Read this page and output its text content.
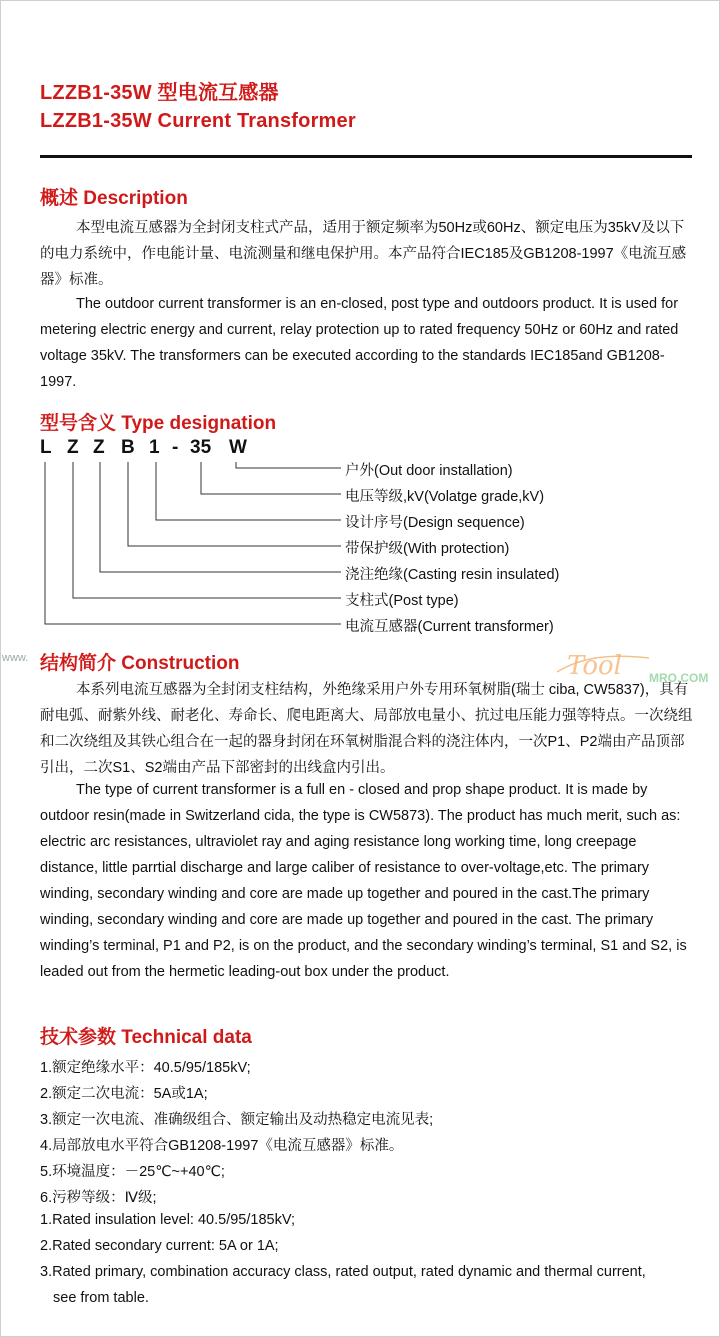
LZZB1-35W 型电流互感器
LZZB1-35W Current Transformer
概述 Description

本型电流互感器为全封闭支柱式产品，适用于额定频率为50Hz或60Hz、额定电压为35kV及以下的电力系统中，作电能计量、电流测量和继电保护用。本产品符合IEC185及GB1208-1997《电流互感器》标准。

The outdoor current transformer is an en-closed, post type and outdoors product. It is used for metering electric energy and current, relay protection up to rated frequency 50Hz or 60Hz and rated voltage 35kV. The transformers can be executed according to the standards IEC185and GB1208-1997.

型号含义 Type designation
L Z Z B 1 - 35 W
户外(Out door installation)
电压等级,kV(Volatge grade,kV)
设计序号(Design sequence)
带保护级(With protection)
浇注绝缘(Casting resin insulated)
支柱式(Post type)
电流互感器(Current transformer)
www.	Tool MRO.COM
结构简介 Construction

本系列电流互感器为全封闭支柱结构，外绝缘采用户外专用环氧树脂(瑞士 ciba, CW5837)，具有耐电弧、耐紫外线、耐老化、寿命长、爬电距离大、局部放电量小、抗过电压能力强等特点。一次绕组和二次绕组及其铁心组合在一起的器身封闭在环氧树脂混合料的浇注体内，一次P1、P2端由产品顶部引出，二次S1、S2端由产品下部密封的出线盒内引出。

The type of current transformer is a full en - closed and prop shape product. It is made by outdoor resin(made in Switzerland cida, the type is CW5873). The product has much merit, such as: electric arc resistances, ultraviolet ray and aging resistance long working time, long creepage distance, little parrtial discharge and large caliber of resistance to over-voltage,etc. The primary winding, secondary winding and core are made up together and poured in the cast.The primary winding, secondary winding and core are made up together and poured in the cast. The primary winding’s terminal, P1 and P2, is on the product, and the secondary winding’s terminal, S1 and S2, is leaded out from the hermetic leading-out box under the product.

技术参数 Technical data
1.额定绝缘水平：40.5/95/185kV;
2.额定二次电流：5A或1A;
3.额定一次电流、准确级组合、额定输出及动热稳定电流见表;
4.局部放电水平符合GB1208-1997《电流互感器》标准。
5.环境温度：－25℃~+40℃;
6.污秽等级：Ⅳ级;
1.Rated insulation level: 40.5/95/185kV;
2.Rated secondary current: 5A or 1A;
3.Rated primary, combination accuracy class, rated output, rated dynamic and thermal current,
see from table.
